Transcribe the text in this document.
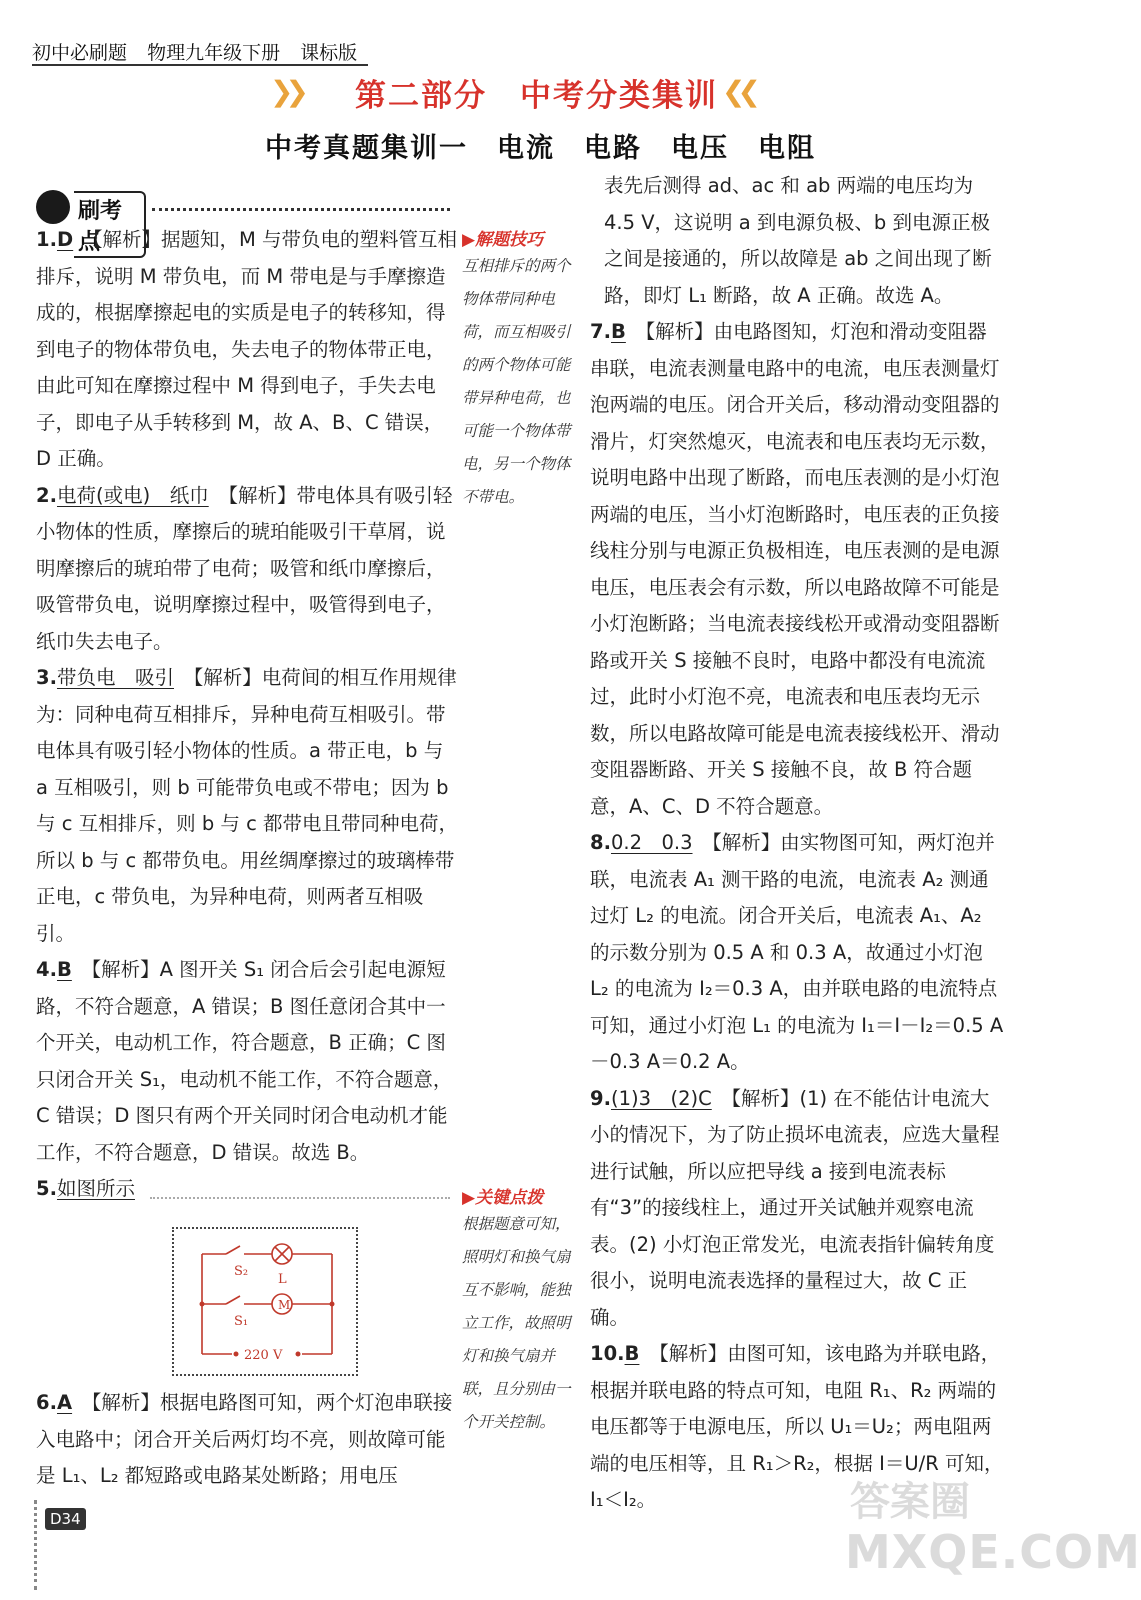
初中必刷题 物理九年级下册 课标版
❯❯ 第二部分　中考分类集训 ❮❮
中考真题集训一　电流　电路　电压　电阻
刷考点

1.D　 【解析】据题知，M 与带负电的塑料管互相排斥，说明 M 带负电，而 M 带电是与手摩擦造成的，根据摩擦起电的实质是电子的转移知，得到电子的物体带负电，失去电子的物体带正电，由此可知在摩擦过程中 M 得到电子，手失去电子，即电子从手转移到 M，故 A、B、C 错误，D 正确。

2.电荷(或电)　纸巾　 【解析】带电体具有吸引轻小物体的性质，摩擦后的琥珀能吸引干草屑，说明摩擦后的琥珀带了电荷；吸管和纸巾摩擦后，吸管带负电，说明摩擦过程中，吸管得到电子，纸巾失去电子。

3.带负电　吸引　 【解析】电荷间的相互作用规律为：同种电荷互相排斥，异种电荷互相吸引。带电体具有吸引轻小物体的性质。a 带正电，b 与 a 互相吸引，则 b 可能带负电或不带电；因为 b 与 c 互相排斥，则 b 与 c 都带电且带同种电荷，所以 b 与 c 都带负电。用丝绸摩擦过的玻璃棒带正电，c 带负电，为异种电荷，则两者互相吸引。

4.B　 【解析】A 图开关 S₁ 闭合后会引起电源短路，不符合题意，A 错误；B 图任意闭合其中一个开关，电动机工作，符合题意，B 正确；C 图只闭合开关 S₁，电动机不能工作，不符合题意，C 错误；D 图只有两个开关同时闭合电动机才能工作，不符合题意，D 错误。故选 B。

5.如图所示

S₂
L
M
S₁
220 V

6.A　 【解析】根据电路图可知，两个灯泡串联接入电路中；闭合开关后两灯均不亮，则故障可能是 L₁、L₂ 都短路或电路某处断路；用电压

▶解题技巧
互相排斥的两个物体带同种电荷，而互相吸引的两个物体可能带异种电荷，也可能一个物体带电，另一个物体不带电。
▶关键点拨
根据题意可知，照明灯和换气扇互不影响，能独立工作，故照明灯和换气扇并联，且分别由一个开关控制。

表先后测得 ad、ac 和 ab 两端的电压均为 4.5 V，这说明 a 到电源负极、b 到电源正极之间是接通的，所以故障是 ab 之间出现了断路，即灯 L₁ 断路，故 A 正确。故选 A。

7.B　 【解析】由电路图知，灯泡和滑动变阻器串联，电流表测量电路中的电流，电压表测量灯泡两端的电压。闭合开关后，移动滑动变阻器的滑片，灯突然熄灭，电流表和电压表均无示数，说明电路中出现了断路，而电压表测的是小灯泡两端的电压，当小灯泡断路时，电压表的正负接线柱分别与电源正负极相连，电压表测的是电源电压，电压表会有示数，所以电路故障不可能是小灯泡断路；当电流表接线松开或滑动变阻器断路或开关 S 接触不良时，电路中都没有电流流过，此时小灯泡不亮，电流表和电压表均无示数，所以电路故障可能是电流表接线松开、滑动变阻器断路、开关 S 接触不良，故 B 符合题意，A、C、D 不符合题意。

8.0.2　0.3　 【解析】由实物图可知，两灯泡并联，电流表 A₁ 测干路的电流，电流表 A₂ 测通过灯 L₂ 的电流。闭合开关后，电流表 A₁、A₂ 的示数分别为 0.5 A 和 0.3 A，故通过小灯泡 L₂ 的电流为 I₂＝0.3 A，由并联电路的电流特点可知，通过小灯泡 L₁ 的电流为 I₁＝I－I₂＝0.5 A－0.3 A＝0.2 A。

9.(1)3　(2)C　 【解析】(1) 在不能估计电流大小的情况下，为了防止损坏电流表，应选大量程进行试触，所以应把导线 a 接到电流表标有“3”的接线柱上，通过开关试触并观察电流表。(2) 小灯泡正常发光，电流表指针偏转角度很小，说明电流表选择的量程过大，故 C 正确。

10.B　 【解析】由图可知，该电路为并联电路，根据并联电路的特点可知，电阻 R₁、R₂ 两端的电压都等于电源电压，所以 U₁＝U₂；两电阻两端的电压相等，且 R₁＞R₂，根据 I＝U/R 可知，I₁＜I₂。

D34	答案圈
MXQE.COM
